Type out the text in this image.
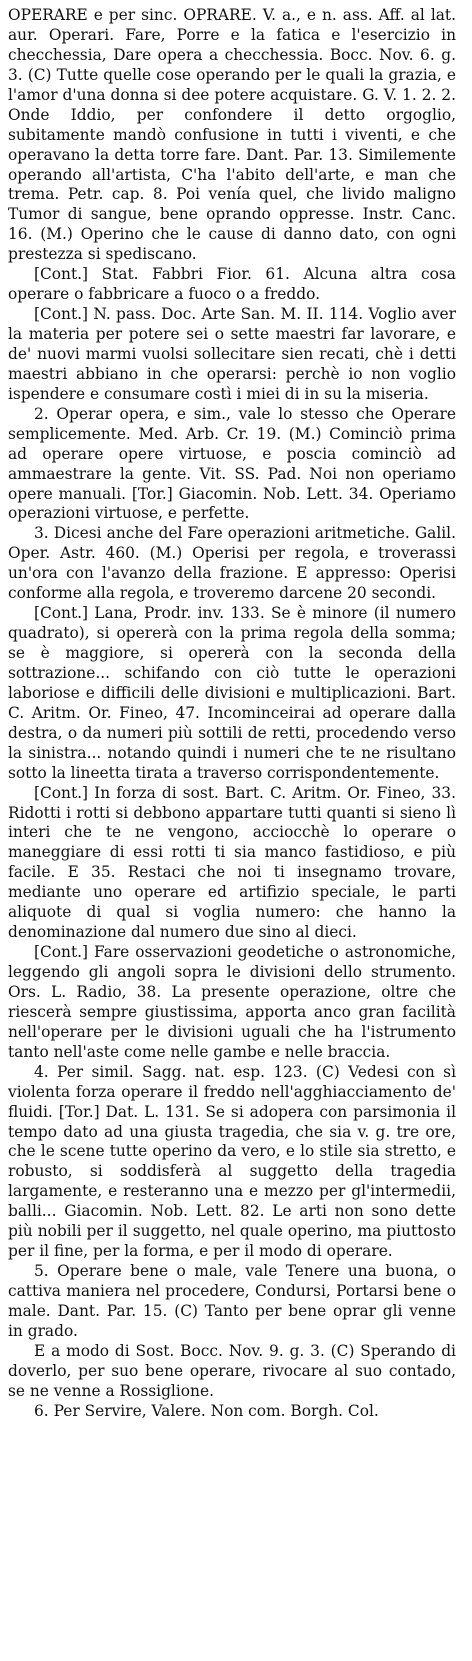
OPERARE e per sinc. OPRARE. V. a., e n. ass. Aff. al lat. aur. Operari. Fare, Porre e la fatica e l'esercizio in checchessia, Dare opera a checchessia. Bocc. Nov. 6. g. 3. (C) Tutte quelle cose operando per le quali la grazia, e l'amor d'una donna si dee potere acquistare. G. V. 1. 2. 2. Onde Iddio, per confondere il detto orgoglio, subitamente mandò confusione in tutti i viventi, e che operavano la detta torre fare. Dant. Par. 13. Similemente operando all'artista, C'ha l'abito dell'arte, e man che trema. Petr. cap. 8. Poi venía quel, che livido maligno Tumor di sangue, bene oprando oppresse. Instr. Canc. 16. (M.) Operino che le cause di danno dato, con ogni prestezza si spediscano.

[Cont.] Stat. Fabbri Fior. 61. Alcuna altra cosa operare o fabbricare a fuoco o a freddo.

[Cont.] N. pass. Doc. Arte San. M. II. 114. Voglio aver la materia per potere sei o sette maestri far lavorare, e de' nuovi marmi vuolsi sollecitare sien recati, chè i detti maestri abbiano in che operarsi: perchè io non voglio ispendere e consumare costì i miei di in su la miseria.

2. Operar opera, e sim., vale lo stesso che Operare semplicemente. Med. Arb. Cr. 19. (M.) Cominciò prima ad operare opere virtuose, e poscia cominciò ad ammaestrare la gente. Vit. SS. Pad. Noi non operiamo opere manuali. [Tor.] Giacomin. Nob. Lett. 34. Operiamo operazioni virtuose, e perfette.

3. Dicesi anche del Fare operazioni aritmetiche. Galil. Oper. Astr. 460. (M.) Operisi per regola, e troverassi un'ora con l'avanzo della frazione. E appresso: Operisi conforme alla regola, e troveremo darcene 20 secondi.

[Cont.] Lana, Prodr. inv. 133. Se è minore (il numero quadrato), si opererà con la prima regola della somma; se è maggiore, si opererà con la seconda della sottrazione... schifando con ciò tutte le operazioni laboriose e difficili delle divisioni e multiplicazioni. Bart. C. Aritm. Or. Fineo, 47. Incominceirai ad operare dalla destra, o da numeri più sottili de retti, procedendo verso la sinistra... notando quindi i numeri che te ne risultano sotto la lineetta tirata a traverso corrispondentemente.

[Cont.] In forza di sost. Bart. C. Aritm. Or. Fineo, 33. Ridotti i rotti si debbono appartare tutti quanti si sieno lì interi che te ne vengono, acciocchè lo operare o maneggiare di essi rotti ti sia manco fastidioso, e più facile. E 35. Restaci che noi ti insegnamo trovare, mediante uno operare ed artifizio speciale, le parti aliquote di qual si voglia numero: che hanno la denominazione dal numero due sino al dieci.

[Cont.] Fare osservazioni geodetiche o astronomiche, leggendo gli angoli sopra le divisioni dello strumento. Ors. L. Radio, 38. La presente operazione, oltre che riescerà sempre giustissima, apporta anco gran facilità nell'operare per le divisioni uguali che ha l'istrumento tanto nell'aste come nelle gambe e nelle braccia.

4. Per simil. Sagg. nat. esp. 123. (C) Vedesi con sì violenta forza operare il freddo nell'agghiacciamento de' fluidi. [Tor.] Dat. L. 131. Se si adopera con parsimonia il tempo dato ad una giusta tragedia, che sia v. g. tre ore, che le scene tutte operino da vero, e lo stile sia stretto, e robusto, si soddisferà al suggetto della tragedia largamente, e resteranno una e mezzo per gl'intermedii, balli... Giacomin. Nob. Lett. 82. Le arti non sono dette più nobili per il suggetto, nel quale operino, ma piuttosto per il fine, per la forma, e per il modo di operare.

5. Operare bene o male, vale Tenere una buona, o cattiva maniera nel procedere, Condursi, Portarsi bene o male. Dant. Par. 15. (C) Tanto per bene oprar gli venne in grado.

E a modo di Sost. Bocc. Nov. 9. g. 3. (C) Sperando di doverlo, per suo bene operare, rivocare al suo contado, se ne venne a Rossiglione.

6. Per Servire, Valere. Non com. Borgh. Col.
